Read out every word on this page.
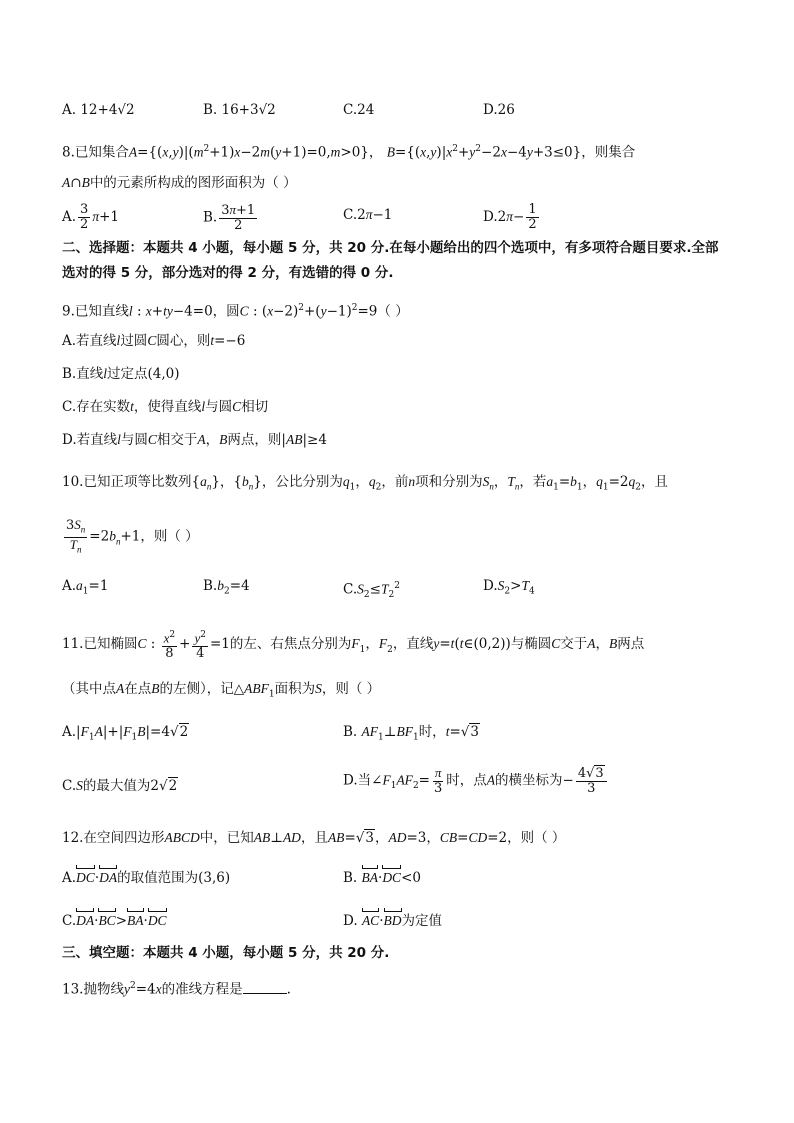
A. 12+4√2	B. 16+3√2	C.24	D.26
8.已知集合$A=\{(x,y)|(m^2+1)x-2m(y+1)=0,m>0\}$， $B=\{(x,y)|x^2+y^2-2x-4y+3\le 0\}$，则集合
A∩B中的元素所构成的图形面积为（ ）
A. $\frac{3}{2} \pi+1$	B. $\frac{3\pi+1}{2}$	C.2π−1	$D.2\pi- \frac{1}{2}$
二、选择题：本题共 4 小题，每小题 5 分，共 20 分.在每小题给出的四个选项中，有多项符合题目要求.全部
选对的得 5 分，部分选对的得 2 分，有选错的得 0 分.
9.已知直线l : x+ty−4=0，圆C : $(x-2)^2+(y-1)^2=9$（ ）
A.若直线l过圆C圆心，则t=−6
B.直线l过定点(4,0)
C.存在实数t，使得直线l与圆C相切
D.若直线l与圆C相交于A，B两点，则|AB|≥4
10.已知正项等比数列$\{a_n\}$，$\{b_n\}$，公比分别为$q_1$，$q_2$，前n项和分别为$S_n$，$T_n$，若$a_1=b_1$，$q_1=2q_2$，且
$\frac{3S_n}{T_n} =2b_n+1$，则（ ）
$A.a_1=1$	$B.b_2=4$	$C.S_2\le T_2^2$	$D.S_2>T_4$
11.已知椭圆C : $\frac{x^2}{8} + \frac{y^2}{4} =1$的左、右焦点分别为$F_1$，$F_2$，直线y=t(t∈(0,2))与椭圆C交于A，B两点
（其中点A在点B的左侧），记$\triangle ABF_1$面积为S，则（ ）
$A.|F_1A|+|F_1B|=4√2$	B. $AF_1\perp BF_1$时，t=√3
C.S的最大值为2√2	D.当$\angle F_1AF_2= \frac{\pi}{3}$ 时，点A的横坐标为− $\frac{4√3}{3}$
12.在空间四边形ABCD中，已知AB⊥AD，且AB=√3，AD=3，CB=CD=2，则（ ）
A.DC·DA的取值范围为(3,6)	B. BA·DC<0
C.DA·BC>BA·DC	D. AC·BD为定值
三、填空题：本题共 4 小题，每小题 5 分，共 20 分.
13.抛物线$y^2=4x$的准线方程是	.
